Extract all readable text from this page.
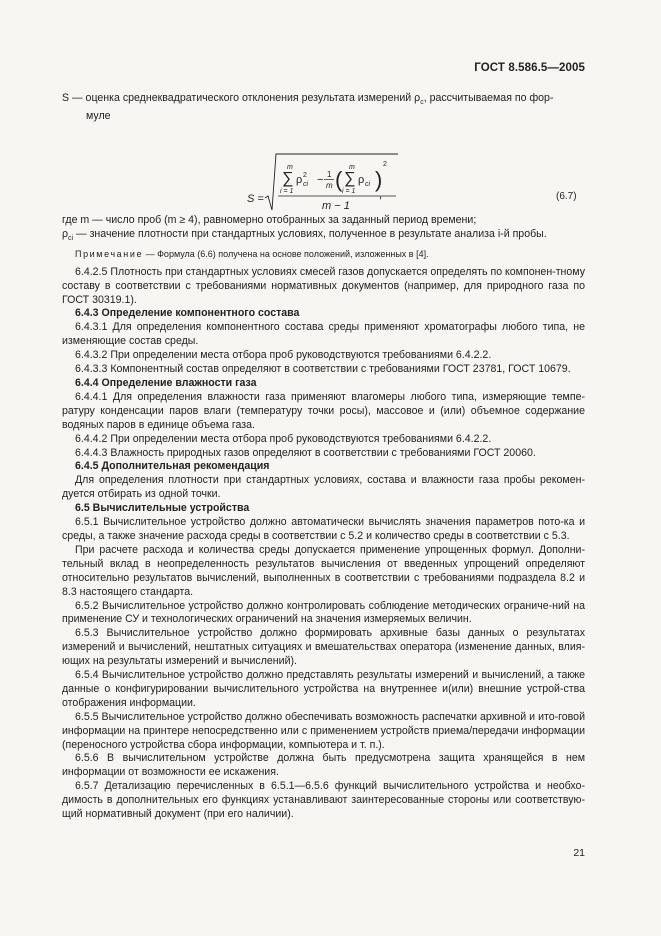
ГОСТ 8.586.5—2005

S — оценка среднеквадратического отклонения результата измерений $\rho_с$, рассчитываемая по фор-

муле

S =
m
∑
i = 1
ρ 2
ci − 1
m ( m
∑
i = 1
ρ ci )
2
,
m − 1
(6.7)

где m — число проб (m ≥ 4), равномерно отобранных за заданный период времени;

$\rho_{ci}$ — значение плотности при стандартных условиях, полученное в результате анализа i-й пробы.

Примечание — Формула (6.6) получена на основе положений, изложенных в [4].

6.4.2.5 Плотность при стандартных условиях смесей газов допускается определять по компонен-тному составу в соответствии с требованиями нормативных документов (например, для природного газа по ГОСТ 30319.1).

6.4.3 Определение компонентного состава

6.4.3.1 Для определения компонентного состава среды применяют хроматографы любого типа, не изменяющие состав среды.

6.4.3.2 При определении места отбора проб руководствуются требованиями 6.4.2.2.

6.4.3.3 Компонентный состав определяют в соответствии с требованиями ГОСТ 23781, ГОСТ 10679.

6.4.4 Определение влажности газа

6.4.4.1 Для определения влажности газа применяют влагомеры любого типа, измеряющие темпе-ратуру конденсации паров влаги (температуру точки росы), массовое и (или) объемное содержание водяных паров в единице объема газа.

6.4.4.2 При определении места отбора проб руководствуются требованиями 6.4.2.2.

6.4.4.3 Влажность природных газов определяют в соответствии с требованиями ГОСТ 20060.

6.4.5 Дополнительная рекомендация

Для определения плотности при стандартных условиях, состава и влажности газа пробы рекомен-дуется отбирать из одной точки.

6.5 Вычислительные устройства

6.5.1 Вычислительное устройство должно автоматически вычислять значения параметров пото-ка и среды, а также значение расхода среды в соответствии с 5.2 и количество среды в соответствии с 5.3.

При расчете расхода и количества среды допускается применение упрощенных формул. Дополни-тельный вклад в неопределенность результатов вычисления от введенных упрощений определяют относительно результатов вычислений, выполненных в соответствии с требованиями подраздела 8.2 и 8.3 настоящего стандарта.

6.5.2 Вычислительное устройство должно контролировать соблюдение методических ограниче-ний на применение СУ и технологических ограничений на значения измеряемых величин.

6.5.3 Вычислительное устройство должно формировать архивные базы данных о результатах измерений и вычислений, нештатных ситуациях и вмешательствах оператора (изменение данных, влия-ющих на результаты измерений и вычислений).

6.5.4 Вычислительное устройство должно представлять результаты измерений и вычислений, а также данные о конфигурировании вычислительного устройства на внутреннее и(или) внешние устрой-ства отображения информации.

6.5.5 Вычислительное устройство должно обеспечивать возможность распечатки архивной и ито-говой информации на принтере непосредственно или с применением устройств приема/передачи информации (переносного устройства сбора информации, компьютера и т. п.).

6.5.6 В вычислительном устройстве должна быть предусмотрена защита хранящейся в нем информации от возможности ее искажения.

6.5.7 Детализацию перечисленных в 6.5.1—6.5.6 функций вычислительного устройства и необхо-димость в дополнительных его функциях устанавливают заинтересованные стороны или соответствую-щий нормативный документ (при его наличии).

21
